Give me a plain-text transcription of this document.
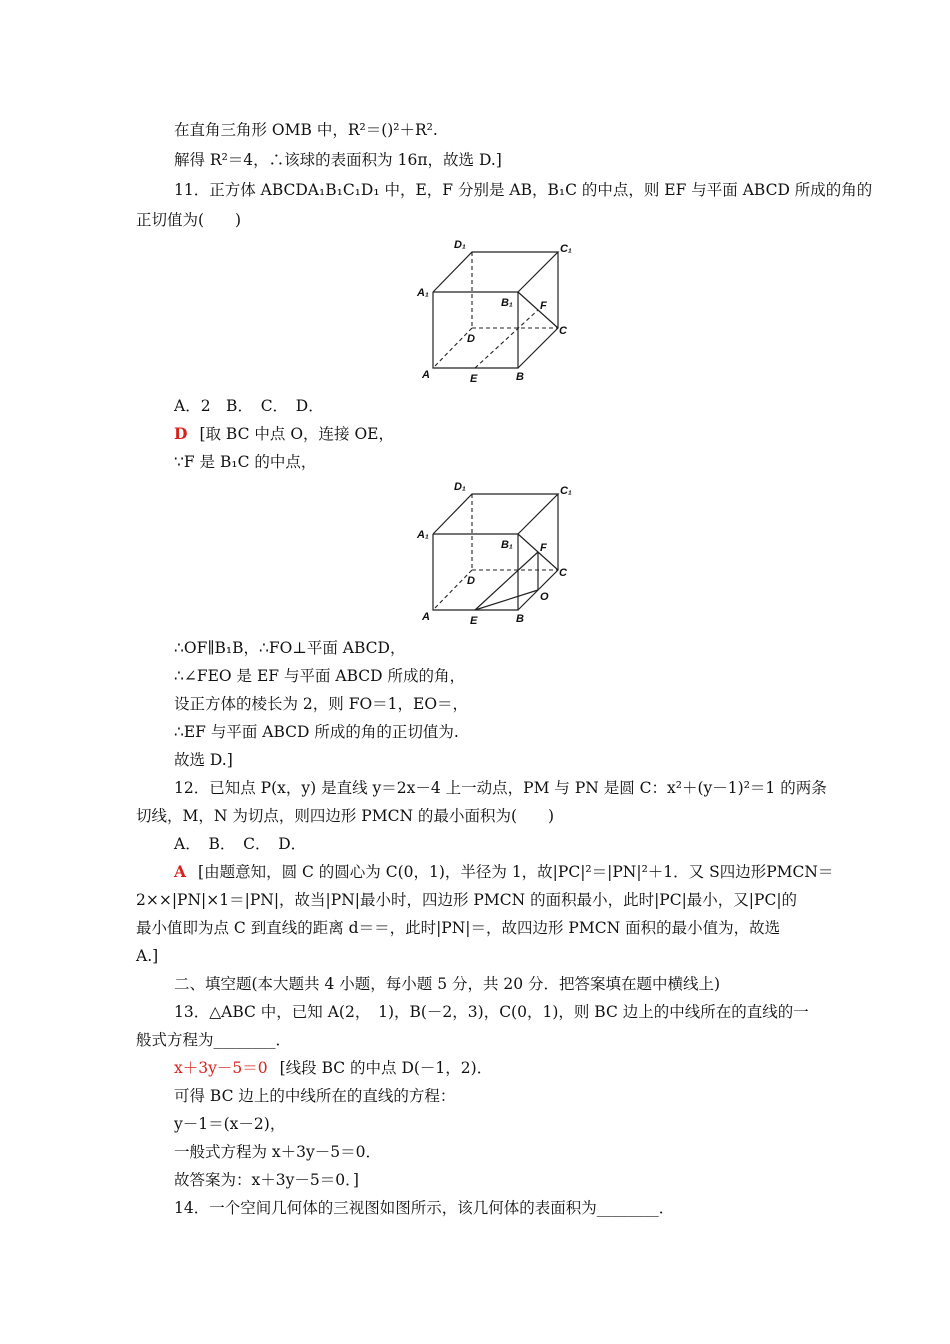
在直角三角形 OMB 中，R²＝()²＋R².
解得 R²＝4，∴该球的表面积为 16π，故选 D.]
11．正方体 ABCDA₁B₁C₁D₁ 中，E，F 分别是 AB，B₁C 的中点，则 EF 与平面 ABCD 所成的角的
正切值为(　　)
D₁	C₁
A₁
B₁ F
C
D
A	E	B
A．2　B．　C．　D．
D [取 BC 中点 O，连接 OE，
∵F 是 B₁C 的中点，
D₁	C₁
A₁
B₁ F
C
D
O
A	E	B
∴OF∥B₁B，∴FO⊥平面 ABCD，
∴∠FEO 是 EF 与平面 ABCD 所成的角，
设正方体的棱长为 2，则 FO＝1，EO＝，
∴EF 与平面 ABCD 所成的角的正切值为.
故选 D.]
12．已知点 P(x，y) 是直线 y＝2x－4 上一动点，PM 与 PN 是圆 C：x²＋(y－1)²＝1 的两条
切线，M，N 为切点，则四边形 PMCN 的最小面积为(　　)
A．　B．　C．　D．
A [由题意知，圆 C 的圆心为 C(0，1)，半径为 1，故|PC|²＝|PN|²＋1．又 S四边形PMCN＝
2××|PN|×1＝|PN|，故当|PN|最小时，四边形 PMCN 的面积最小，此时|PC|最小，又|PC|的
最小值即为点 C 到直线的距离 d＝＝，此时|PN|＝，故四边形 PMCN 面积的最小值为，故选
A.]
二、填空题(本大题共 4 小题，每小题 5 分，共 20 分．把答案填在题中横线上)
13．△ABC 中，已知 A(2，　1)，B(－2，3)，C(0，1)，则 BC 边上的中线所在的直线的一
般式方程为________．
x＋3y－5＝0 [线段 BC 的中点 D(－1，2)．
可得 BC 边上的中线所在的直线的方程：
y－1＝(x－2)，
一般式方程为 x＋3y－5＝0．
故答案为：x＋3y－5＝0．]
14．一个空间几何体的三视图如图所示，该几何体的表面积为________．
